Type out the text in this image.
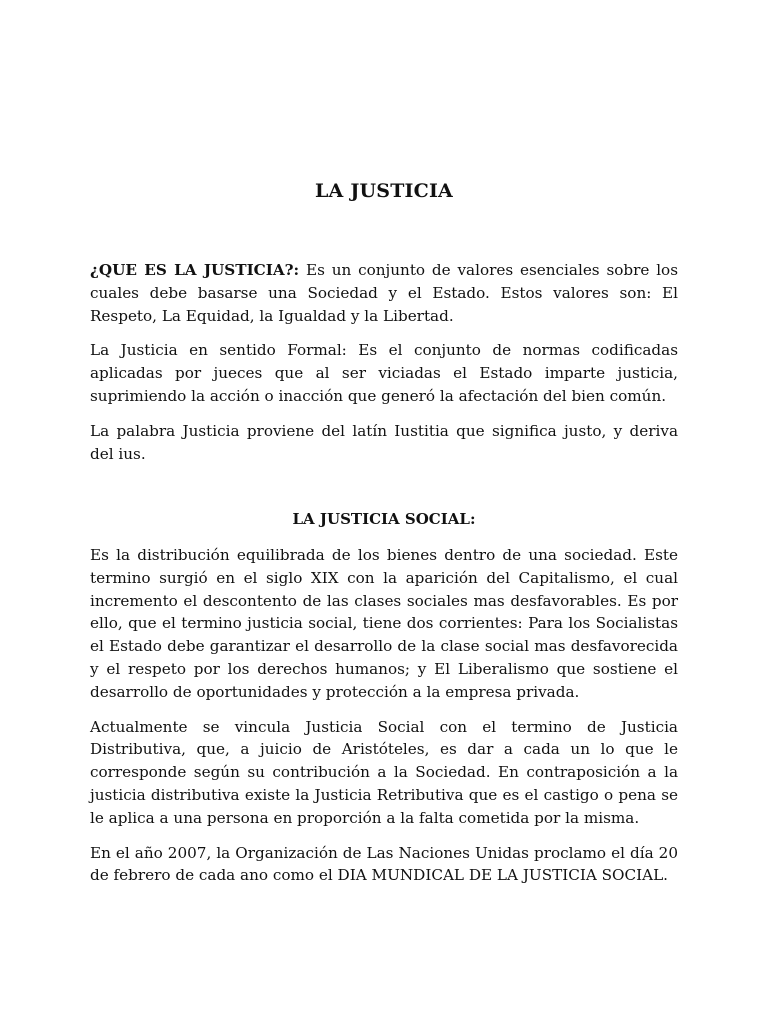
LA JUSTICIA

¿QUE ES LA JUSTICIA?: Es un conjunto de valores esenciales sobre los cuales debe basarse una Sociedad y el Estado. Estos valores son: El Respeto, La Equidad, la Igualdad y la Libertad.

La Justicia en sentido Formal: Es el conjunto de normas codificadas aplicadas por jueces que al ser viciadas el Estado imparte justicia, suprimiendo la acción o inacción que generó la afectación del bien común.

La palabra Justicia proviene del latín Iustitia que significa justo, y deriva del ius.

LA JUSTICIA SOCIAL:

Es la distribución equilibrada de los bienes dentro de una sociedad. Este termino surgió en el siglo XIX con la aparición del Capitalismo, el cual incremento el descontento de las clases sociales mas desfavorables. Es por ello, que el termino justicia social, tiene dos corrientes: Para los Socialistas el Estado debe garantizar el desarrollo de la clase social mas desfavorecida y el respeto por los derechos humanos; y El Liberalismo que sostiene el desarrollo de oportunidades y protección a la empresa privada.

Actualmente se vincula Justicia Social con el termino de Justicia Distributiva, que, a juicio de Aristóteles, es dar a cada un lo que le corresponde según su contribución a la Sociedad. En contraposición a la justicia distributiva existe la Justicia Retributiva que es el castigo o pena se le aplica a una persona en proporción a la falta cometida por la misma.

En el año 2007, la Organización de Las Naciones Unidas proclamo el día 20 de febrero de cada ano como el DIA MUNDICAL DE LA JUSTICIA SOCIAL.
